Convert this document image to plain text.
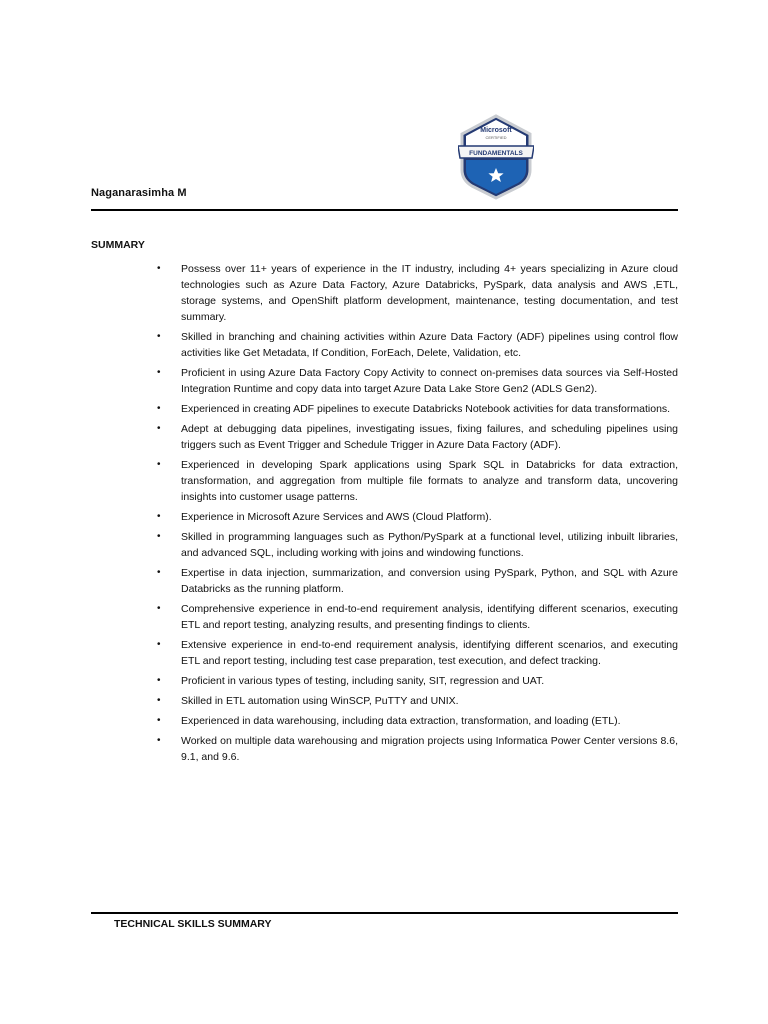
Microsoft
CERTIFIED
FUNDAMENTALS
Naganarasimha M
SUMMARY
• Possess over 11+ years of experience in the IT industry, including 4+ years specializing in Azure cloud technologies such as Azure Data Factory, Azure Databricks, PySpark, data analysis and AWS ,ETL, storage systems, and OpenShift platform development, maintenance, testing documentation, and test summary.
• Skilled in branching and chaining activities within Azure Data Factory (ADF) pipelines using control flow activities like Get Metadata, If Condition, ForEach, Delete, Validation, etc.
• Proficient in using Azure Data Factory Copy Activity to connect on-premises data sources via Self-Hosted Integration Runtime and copy data into target Azure Data Lake Store Gen2 (ADLS Gen2).
• Experienced in creating ADF pipelines to execute Databricks Notebook activities for data transformations.
• Adept at debugging data pipelines, investigating issues, fixing failures, and scheduling pipelines using triggers such as Event Trigger and Schedule Trigger in Azure Data Factory (ADF).
• Experienced in developing Spark applications using Spark SQL in Databricks for data extraction, transformation, and aggregation from multiple file formats to analyze and transform data, uncovering insights into customer usage patterns.
• Experience in Microsoft Azure Services and AWS (Cloud Platform).
• Skilled in programming languages such as Python/PySpark at a functional level, utilizing inbuilt libraries, and advanced SQL, including working with joins and windowing functions.
• Expertise in data injection, summarization, and conversion using PySpark, Python, and SQL with Azure Databricks as the running platform.
• Comprehensive experience in end-to-end requirement analysis, identifying different scenarios, executing ETL and report testing, analyzing results, and presenting findings to clients.
• Extensive experience in end-to-end requirement analysis, identifying different scenarios, and executing ETL and report testing, including test case preparation, test execution, and defect tracking.
• Proficient in various types of testing, including sanity, SIT, regression and UAT.
• Skilled in ETL automation using WinSCP, PuTTY and UNIX.
• Experienced in data warehousing, including data extraction, transformation, and loading (ETL).
• Worked on multiple data warehousing and migration projects using Informatica Power Center versions 8.6, 9.1, and 9.6.
TECHNICAL SKILLS SUMMARY
